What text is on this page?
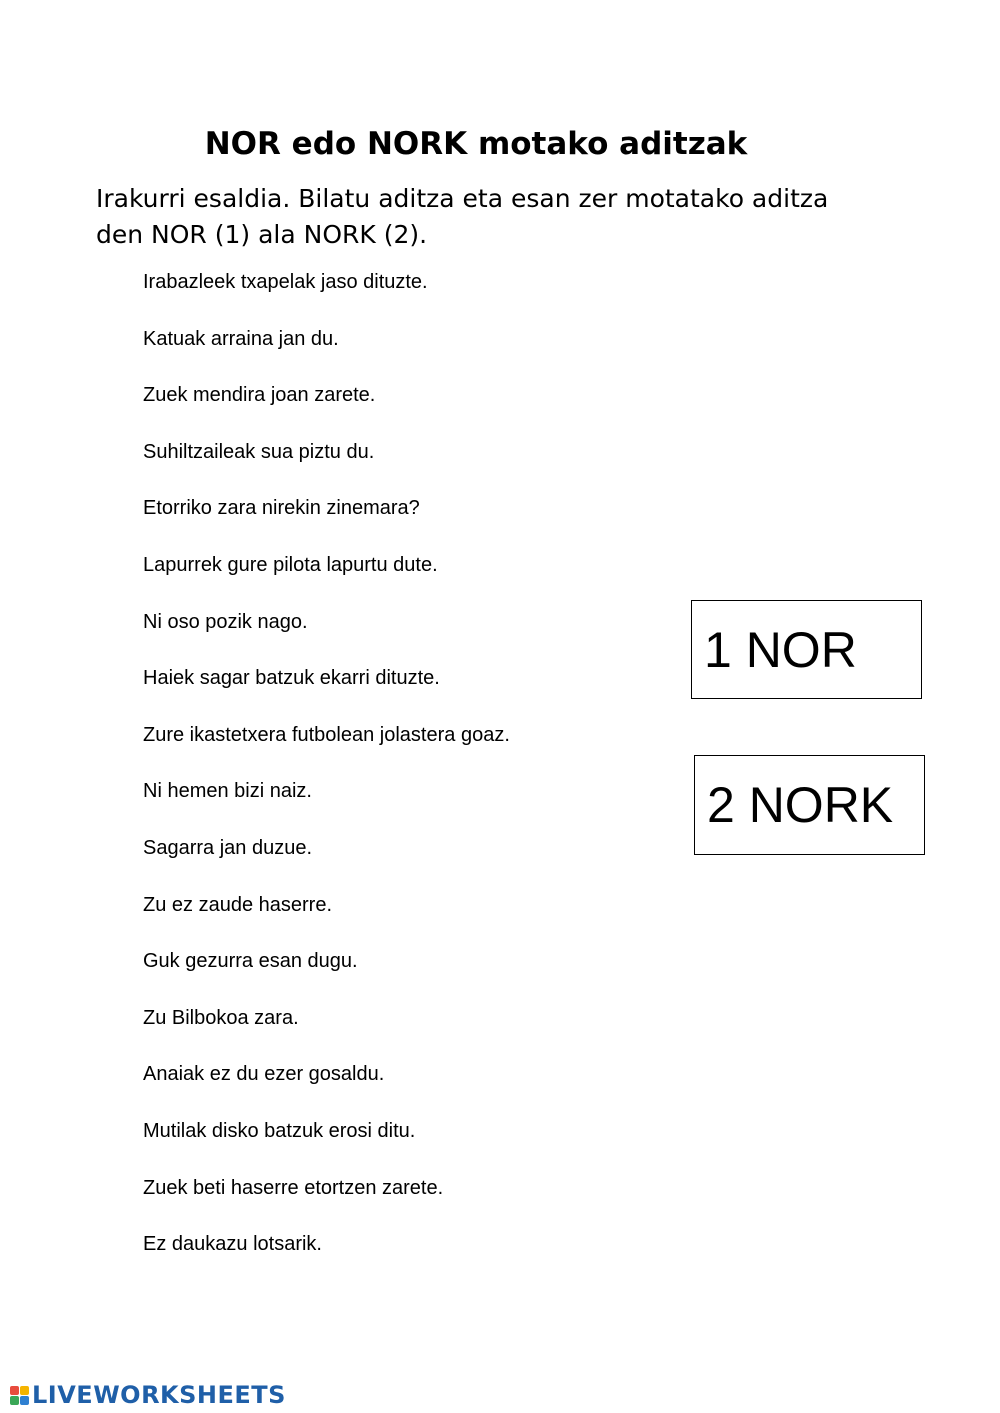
NOR edo NORK motako aditzak

Irakurri esaldia. Bilatu aditza eta esan zer motatako aditza den NOR (1) ala NORK (2).

Irabazleek txapelak jaso dituzte.
Katuak arraina jan du.
Zuek mendira joan zarete.
Suhiltzaileak sua piztu du.
Etorriko zara nirekin zinemara?
Lapurrek gure pilota lapurtu dute.
Ni oso pozik nago.
Haiek sagar batzuk ekarri dituzte.
Zure ikastetxera futbolean jolastera goaz.
Ni hemen bizi naiz.
Sagarra jan duzue.
Zu ez zaude haserre.
Guk gezurra esan dugu.
Zu Bilbokoa zara.
Anaiak ez du ezer gosaldu.
Mutilak disko batzuk erosi ditu.
Zuek beti haserre etortzen zarete.
Ez daukazu lotsarik.
1 NOR
2 NORK
LIVEWORKSHEETS
